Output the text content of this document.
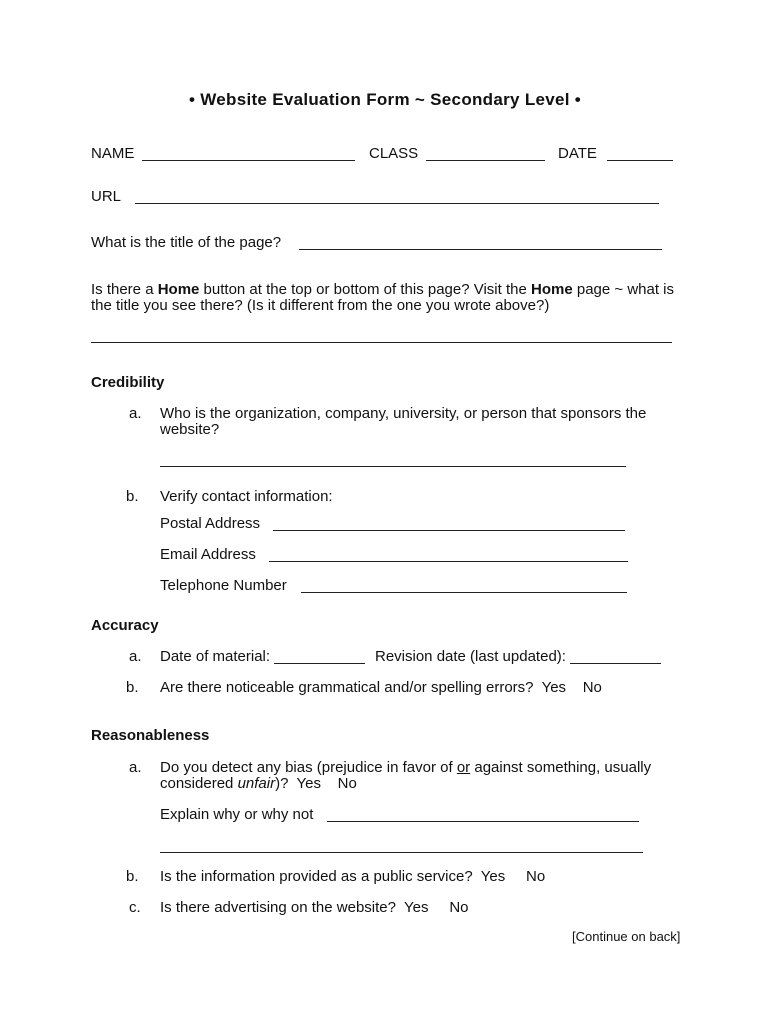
• Website Evaluation Form ~ Secondary Level •
NAME	CLASS	DATE
URL
What is the title of the page?
Is there a Home button at the top or bottom of this page? Visit the Home page ~ what is
the title you see there? (Is it different from the one you wrote above?)
Credibility
a. Who is the organization, company, university, or person that sponsors the
website?
b. Verify contact information:
Postal Address
Email Address
Telephone Number
Accuracy
a. Date of material:	Revision date (last updated):
b. Are there noticeable grammatical and/or spelling errors?  Yes    No
Reasonableness
a. Do you detect any bias (prejudice in favor of or against something, usually
considered unfair)?  Yes    No
Explain why or why not
b. Is the information provided as a public service?  Yes     No
c. Is there advertising on the website?  Yes     No
[Continue on back]
